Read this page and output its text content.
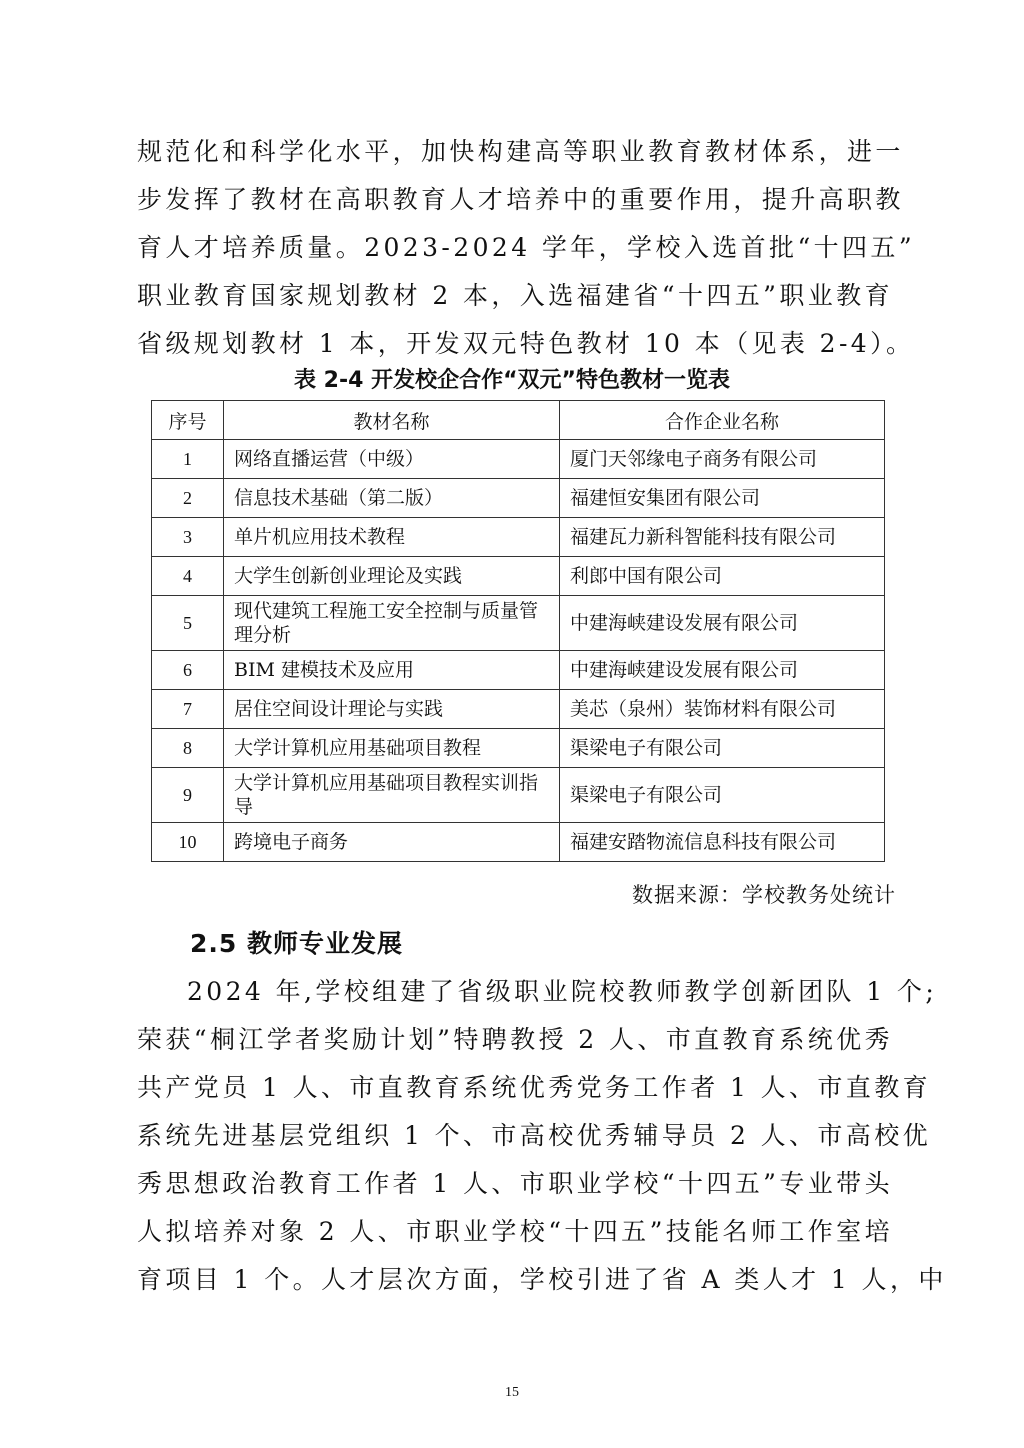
规范化和科学化水平，加快构建高等职业教育教材体系，进一
步发挥了教材在高职教育人才培养中的重要作用，提升高职教
育人才培养质量。2023-2024 学年，学校入选首批“十四五”
职业教育国家规划教材 2 本，入选福建省“十四五”职业教育
省级规划教材 1 本，开发双元特色教材 10 本（见表 2-4）。

表 2-4 开发校企合作“双元”特色教材一览表

序号	教材名称	合作企业名称
1	网络直播运营（中级）	厦门天邻缘电子商务有限公司
2	信息技术基础（第二版）	福建恒安集团有限公司
3	单片机应用技术教程	福建瓦力新科智能科技有限公司
4	大学生创新创业理论及实践	利郎中国有限公司
5	现代建筑工程施工安全控制与质量管理分析	中建海峡建设发展有限公司
6	BIM 建模技术及应用	中建海峡建设发展有限公司
7	居住空间设计理论与实践	美芯（泉州）装饰材料有限公司
8	大学计算机应用基础项目教程	渠梁电子有限公司
9	大学计算机应用基础项目教程实训指导	渠梁电子有限公司
10	跨境电子商务	福建安踏物流信息科技有限公司

数据来源：学校教务处统计

2.5 教师专业发展

2024 年,学校组建了省级职业院校教师教学创新团队 1 个;
荣获“桐江学者奖励计划”特聘教授 2 人、市直教育系统优秀
共产党员 1 人、市直教育系统优秀党务工作者 1 人、市直教育
系统先进基层党组织 1 个、市高校优秀辅导员 2 人、市高校优
秀思想政治教育工作者 1 人、市职业学校“十四五”专业带头
人拟培养对象 2 人、市职业学校“十四五”技能名师工作室培
育项目 1 个。人才层次方面，学校引进了省 A 类人才 1 人，中

15
